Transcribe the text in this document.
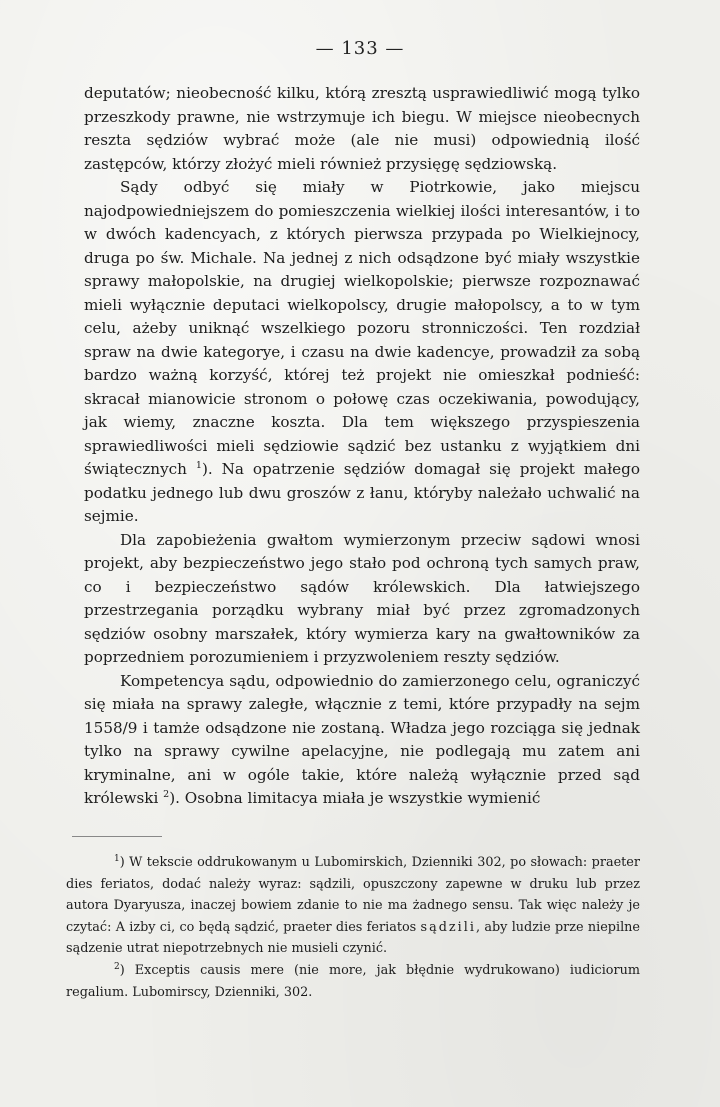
— 133 —

deputatów; nieobecność kilku, którą zresztą usprawiedliwić mogą tylko przeszkody prawne, nie wstrzymuje ich biegu. W miejsce nieobecnych reszta sędziów wybrać może (ale nie musi) odpowiednią ilość zastępców, którzy złożyć mieli również przysięgę sędziowską.

Sądy odbyć się miały w Piotrkowie, jako miejscu najodpowiedniejszem do pomieszczenia wielkiej ilości interesantów, i to w dwóch kadencyach, z których pierwsza przypada po Wielkiejnocy, druga po św. Michale. Na jednej z nich odsądzone być miały wszystkie sprawy małopolskie, na drugiej wielkopolskie; pierwsze rozpoznawać mieli wyłącznie deputaci wielkopolscy, drugie małopolscy, a to w tym celu, ażeby uniknąć wszelkiego pozoru stronniczości. Ten rozdział spraw na dwie kategorye, i czasu na dwie kadencye, prowadził za sobą bardzo ważną korzyść, której też projekt nie omieszkał podnieść: skracał mianowicie stronom o połowę czas oczekiwania, powodujący, jak wiemy, znaczne koszta. Dla tem większego przyspieszenia sprawiedliwości mieli sędziowie sądzić bez ustanku z wyjątkiem dni świątecznych $^1$). Na opatrzenie sędziów domagał się projekt małego podatku jednego lub dwu groszów z łanu, któryby należało uchwalić na sejmie.

Dla zapobieżenia gwałtom wymierzonym przeciw sądowi wnosi projekt, aby bezpieczeństwo jego stało pod ochroną tych samych praw, co i bezpieczeństwo sądów królewskich. Dla łatwiejszego przestrzegania porządku wybrany miał być przez zgromadzonych sędziów osobny marszałek, który wymierza kary na gwałtowników za poprzedniem porozumieniem i przyzwoleniem reszty sędziów.

Kompetencya sądu, odpowiednio do zamierzonego celu, ograniczyć się miała na sprawy zaległe, włącznie z temi, które przypadły na sejm 1558/9 i tamże odsądzone nie zostaną. Władza jego rozciąga się jednak tylko na sprawy cywilne apelacyjne, nie podlegają mu zatem ani kryminalne, ani w ogóle takie, które należą wyłącznie przed sąd królewski $^2$). Osobna limitacya miała je wszystkie wymienić

$^1$) W tekscie oddrukowanym u Lubomirskich, Dzienniki 302, po słowach: praeter dies feriatos, dodać należy wyraz: sądzili, opuszczony zapewne w druku lub przez autora Dyaryusza, inaczej bowiem zdanie to nie ma żadnego sensu. Tak więc należy je czytać: A izby ci, co będą sądzić, praeter dies feriatos sądzili, aby ludzie prze niepilne sądzenie utrat niepotrzebnych nie musieli czynić.

$^2$) Exceptis causis mere (nie more, jak błędnie wydrukowano) iudiciorum regalium. Lubomirscy, Dzienniki, 302.
